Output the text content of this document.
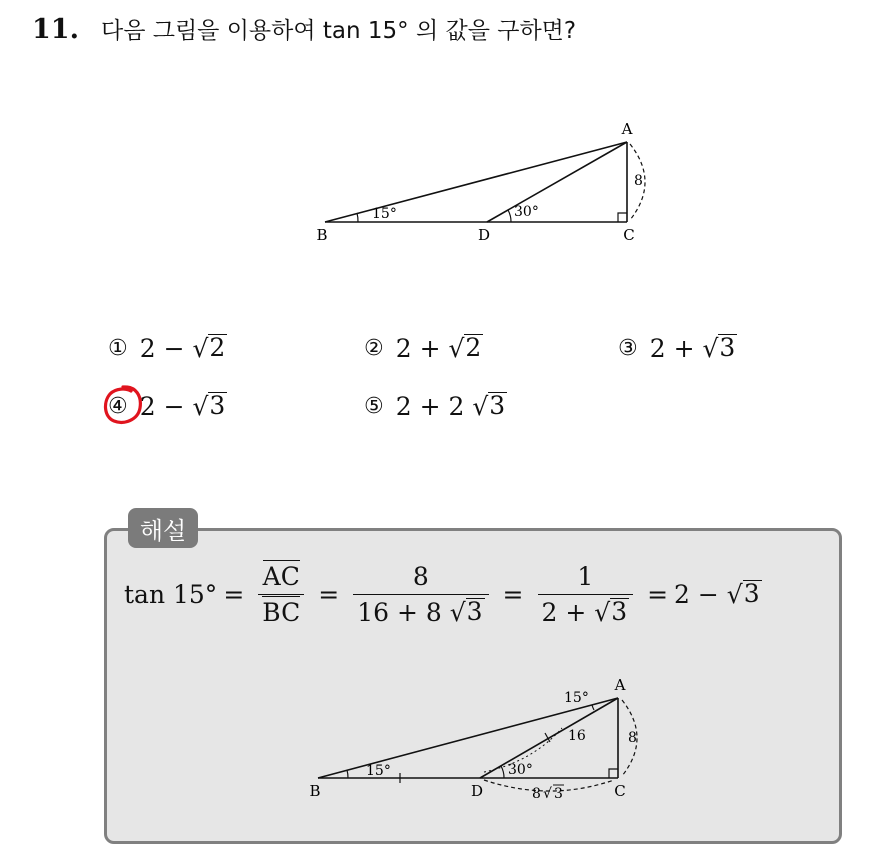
11. 다음 그림을 이용하여 tan 15° 의 값을 구하면?
A
B	D	C
15°	30°
8
① 2 − √ 2	② 2 + √ 2	③ 2 + √ 3
④ 2 − √ 3	⑤ 2 + 2 √ 3
해설
$\tan 15^\circ = \frac{AC}{BC} = \frac{8}{16 + 8 √ 3} = \frac{1}{2 + √ 3} = 2$ − √ 3
A
B	D	C
15°
15°	30°
16	8
8 √ 3
